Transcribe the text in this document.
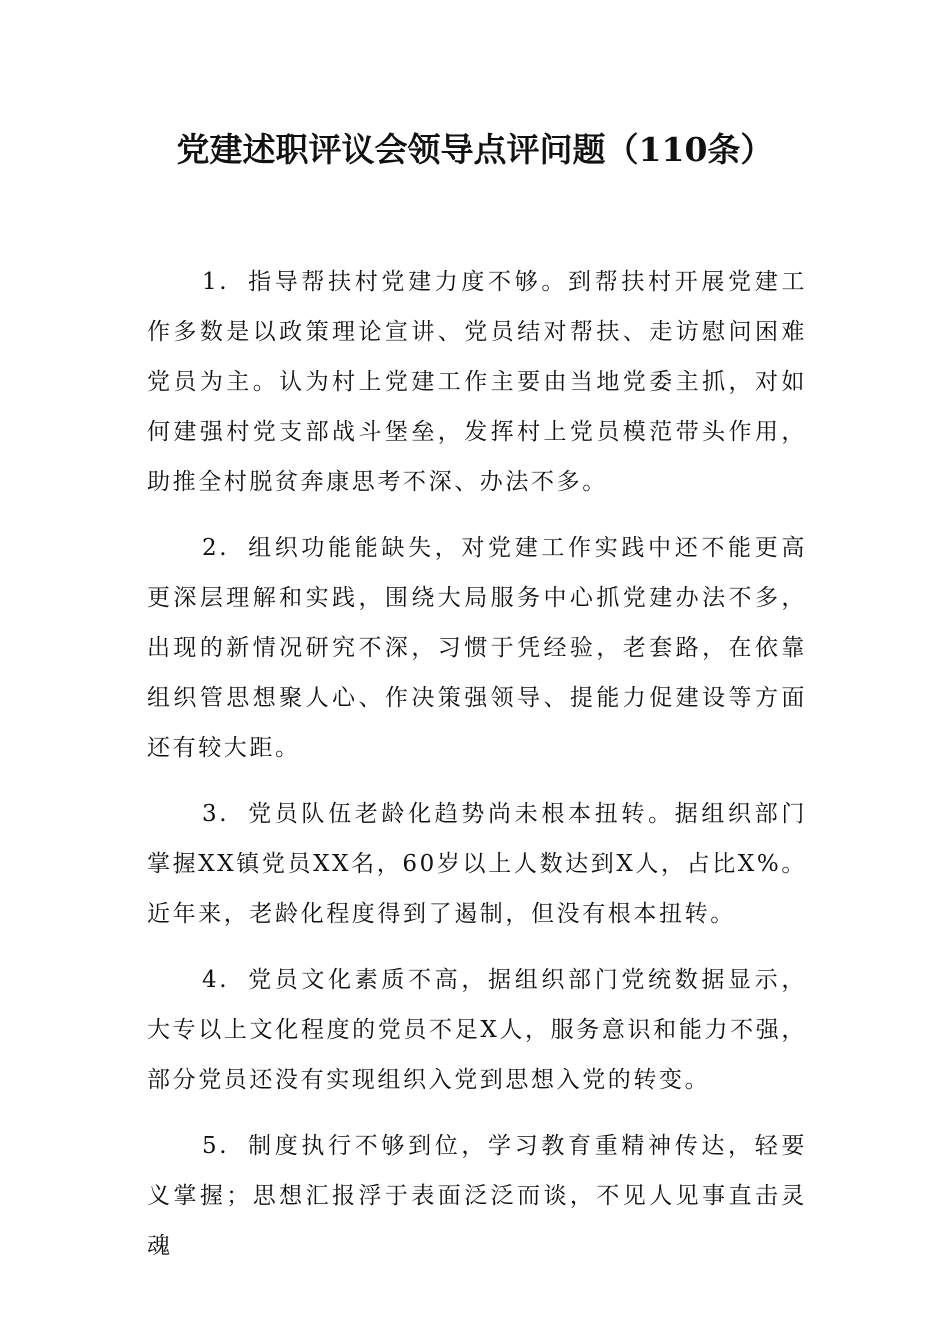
党建述职评议会领导点评问题（110条）

1. 指导帮扶村党建力度不够。到帮扶村开展党建工作多数是以政策理论宣讲、党员结对帮扶、走访慰问困难党员为主。认为村上党建工作主要由当地党委主抓，对如何建强村党支部战斗堡垒，发挥村上党员模范带头作用，助推全村脱贫奔康思考不深、办法不多。

2. 组织功能能缺失，对党建工作实践中还不能更高更深层理解和实践，围绕大局服务中心抓党建办法不多，出现的新情况研究不深，习惯于凭经验，老套路，在依靠组织管思想聚人心、作决策强领导、提能力促建设等方面还有较大距。

3. 党员队伍老龄化趋势尚未根本扭转。据组织部门掌握XX镇党员XX名，60岁以上人数达到X人，占比X%。近年来，老龄化程度得到了遏制，但没有根本扭转。

4. 党员文化素质不高，据组织部门党统数据显示，大专以上文化程度的党员不足X人，服务意识和能力不强，部分党员还没有实现组织入党到思想入党的转变。

5. 制度执行不够到位，学习教育重精神传达，轻要义掌握；思想汇报浮于表面泛泛而谈，不见人见事直击灵魂
